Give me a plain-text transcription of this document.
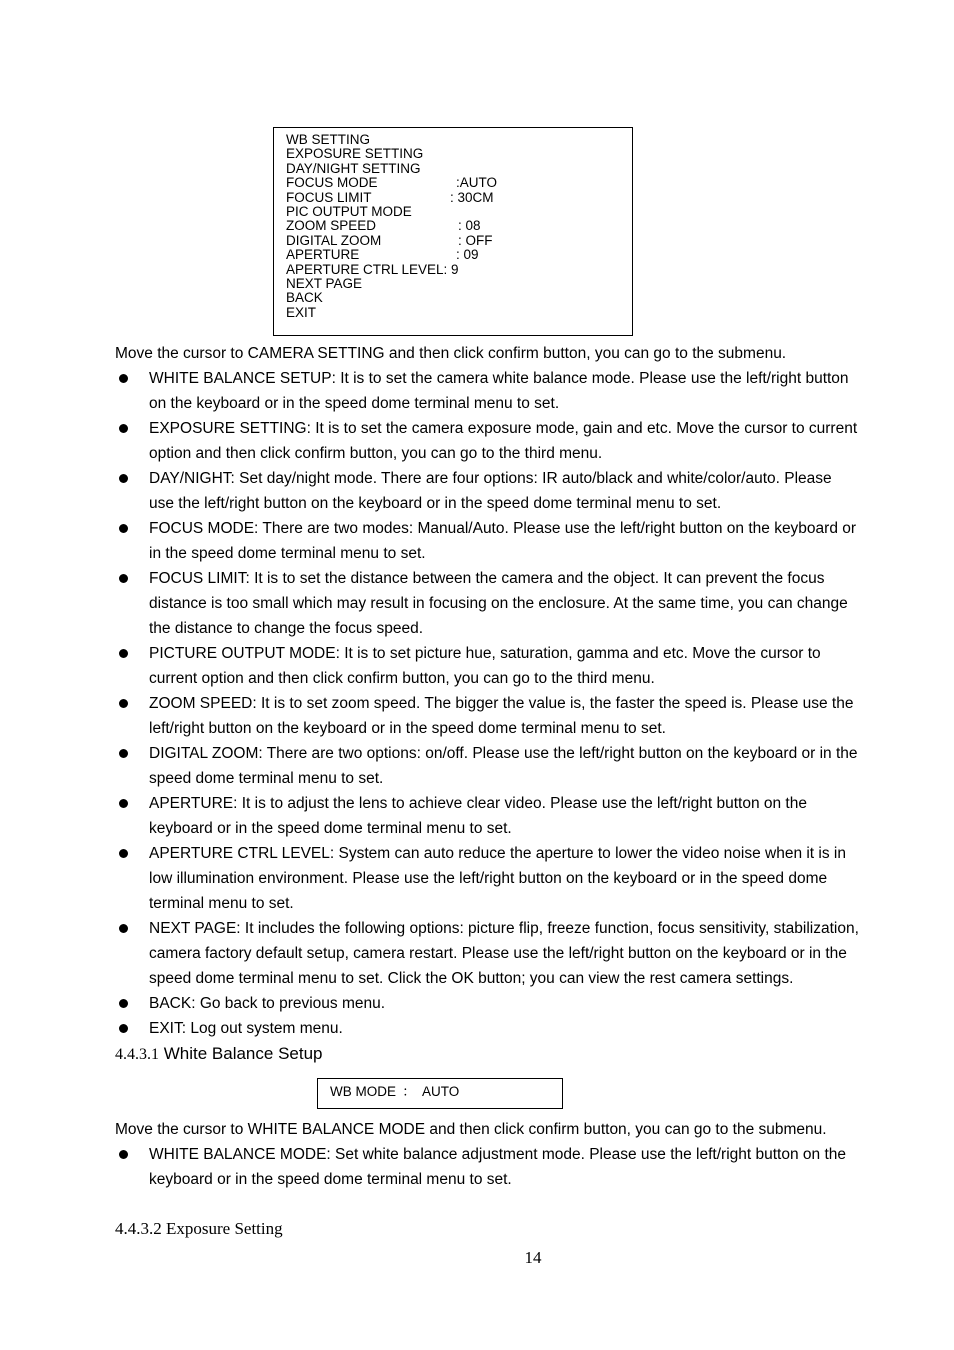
WB SETTING
EXPOSURE SETTING
DAY/NIGHT SETTING
FOCUS MODE	:AUTO
FOCUS LIMIT	: 30CM
PIC OUTPUT MODE
ZOOM SPEED	: 08
DIGITAL ZOOM	: OFF
APERTURE	: 09
APERTURE CTRL LEVEL: 9
NEXT PAGE
BACK
EXIT
Move the cursor to CAMERA SETTING and then click confirm button, you can go to the submenu.
WHITE BALANCE SETUP: It is to set the camera white balance mode. Please use the left/right button
on the keyboard or in the speed dome terminal menu to set.
EXPOSURE SETTING: It is to set the camera exposure mode, gain and etc. Move the cursor to current
option and then click confirm button, you can go to the third menu.
DAY/NIGHT: Set day/night mode. There are four options: IR auto/black and white/color/auto. Please
use the left/right button on the keyboard or in the speed dome terminal menu to set.
FOCUS MODE: There are two modes: Manual/Auto. Please use the left/right button on the keyboard or
in the speed dome terminal menu to set.
FOCUS LIMIT: It is to set the distance between the camera and the object. It can prevent the focus
distance is too small which may result in focusing on the enclosure. At the same time, you can change
the distance to change the focus speed.
PICTURE OUTPUT MODE: It is to set picture hue, saturation, gamma and etc. Move the cursor to
current option and then click confirm button, you can go to the third menu.
ZOOM SPEED: It is to set zoom speed. The bigger the value is, the faster the speed is. Please use the
left/right button on the keyboard or in the speed dome terminal menu to set.
DIGITAL ZOOM: There are two options: on/off. Please use the left/right button on the keyboard or in the
speed dome terminal menu to set.
APERTURE: It is to adjust the lens to achieve clear video. Please use the left/right button on the
keyboard or in the speed dome terminal menu to set.
APERTURE CTRL LEVEL: System can auto reduce the aperture to lower the video noise when it is in
low illumination environment. Please use the left/right button on the keyboard or in the speed dome
terminal menu to set.
NEXT PAGE: It includes the following options: picture flip, freeze function, focus sensitivity, stabilization,
camera factory default setup, camera restart. Please use the left/right button on the keyboard or in the
speed dome terminal menu to set. Click the OK button; you can view the rest camera settings.
BACK: Go back to previous menu.
EXIT: Log out system menu.
4.4.3.1 White Balance Setup
WB MODE ： AUTO
Move the cursor to WHITE BALANCE MODE and then click confirm button, you can go to the submenu.
WHITE BALANCE MODE: Set white balance adjustment mode. Please use the left/right button on the
keyboard or in the speed dome terminal menu to set.
4.4.3.2 Exposure Setting
14
